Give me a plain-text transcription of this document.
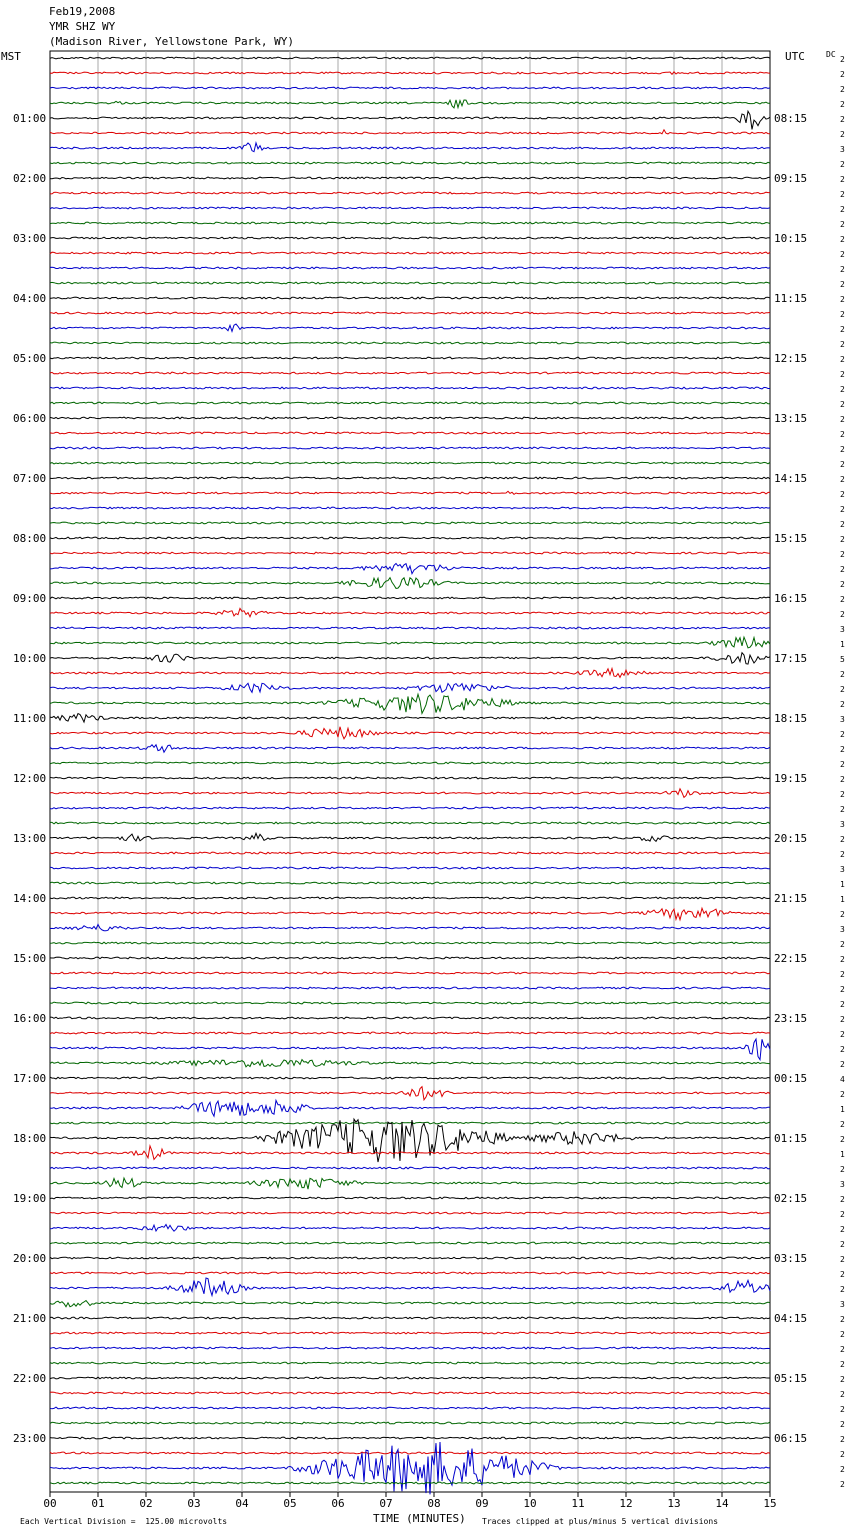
Feb19,2008
YMR SHZ WY
(Madison River, Yellowstone Park, WY)
MST	UTC	DC
00	01	02	03	04	05	06	07	08	09	10	11	12	13	14	15
2
2
2
2
2
2
3
2
2
2
2
2
2
2
2
2
2
2
2
2
2
2
2
2
2
2
2
2
2
2
2
2
2
2
2
2
2
2
3
1
5
2
2
2
3
2
2
2
2
2
2
3
2
2
3
1
1
2
3
2
2
2
2
2
2
2
2
2
4
2
1
2
2
1
2
3
2
2
2
2
2
2
2
3
2
2
2
2
2
2
2
2
2
2
2
2
01:00
02:00
03:00
04:00
05:00
06:00
07:00
08:00
09:00
10:00
11:00
12:00
13:00
14:00
15:00
16:00
17:00
18:00
19:00
20:00
21:00
22:00
23:00
08:15
09:15
10:15
11:15
12:15
13:15
14:15
15:15
16:15
17:15
18:15
19:15
20:15
21:15
22:15
23:15
00:15
01:15
02:15
03:15
04:15
05:15
06:15
TIME (MINUTES)
Each Vertical Division =  125.00 microvolts	Traces clipped at plus/minus 5 vertical divisions
